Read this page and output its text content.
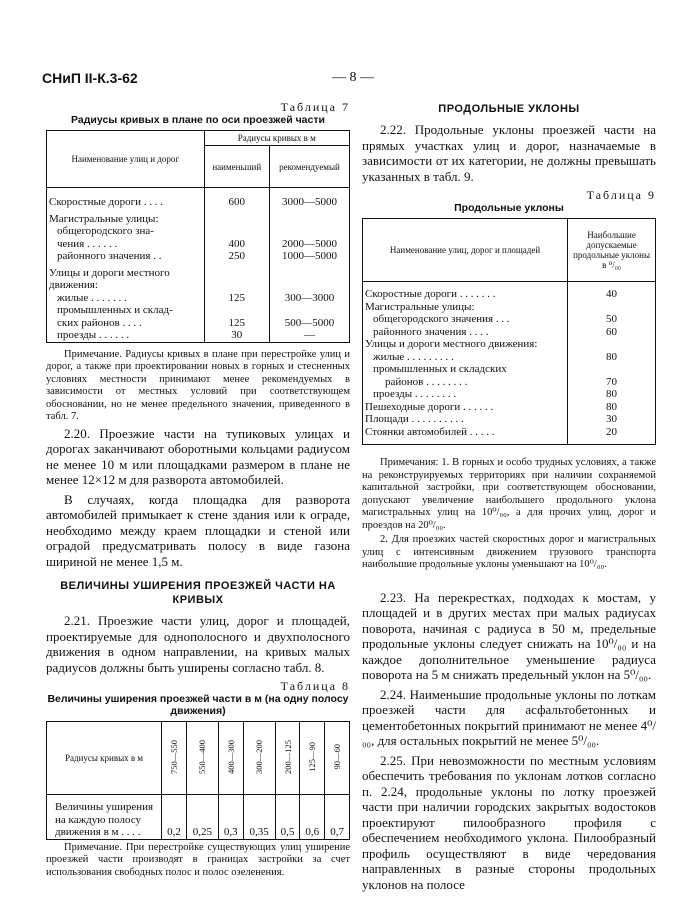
СНиП II-К.3-62	— 8 —
Таблица 7
Радиусы кривых в плане по оси проезжей части
Наименование улиц и дорог	Радиусы кривых в м	
	наименьший	рекомендуемый

Скоростные дороги . . . .	600	3000—5000

Магистральные улицы:		
общегородского зна-		
чения . . . . . .	400	2000—5000
районного значения . .	250	1000—5000

Улицы и дороги местного движения:		
жилые . . . . . . .	125	300—3000
промышленных и склад-		
ских районов . . . .	125	500—5000
проезды . . . . . .	30	—
Примечание. Радиусы кривых в плане при перестройке улиц и дорог, а также при проектировании новых в горных и стесненных условиях местности принимают менее рекомендуемых в зависимости от местных условий при соответствующем обосновании, но не менее предельного значения, приведенного в табл. 7.
2.20. Проезжие части на тупиковых улицах и дорогах заканчивают оборотными кольцами радиусом не менее 10 м или площадками размером в плане не менее 12×12 м для разворота автомобилей.
В случаях, когда площадка для разворота автомобилей примыкает к стене здания или к ограде, необходимо между краем площадки и стеной или оградой предусматривать полосу в виде газона шириной не менее 1,5 м.
ВЕЛИЧИНЫ УШИРЕНИЯ ПРОЕЗЖЕЙ ЧАСТИ НА КРИВЫХ
2.21. Проезжие части улиц, дорог и площадей, проектируемые для однополосного и двухполосного движения в одном направлении, на кривых малых радиусов должны быть уширены согласно табл. 8.
Таблица 8
Величины уширения проезжей части в м (на одну полосу движения)
Радиусы кривых в м	750—550	550—400	400—300	300—200	200—125	125—90	90—60
Величины уширения на каждую полосу движения в м . . . .	0,2	0,25	0,3	0,35	0,5	0,6	0,7
Примечание. При перестройке существующих улиц уширение проезжей части производят в границах застройки за счет использования свободных полос и полос озеленения.
ПРОДОЛЬНЫЕ УКЛОНЫ
2.22. Продольные уклоны проезжей части на прямых участках улиц и дорог, назначаемые в зависимости от их категории, не должны превышать указанных в табл. 9.
Таблица 9
Продольные уклоны
Наименование улиц, дорог и площадей	Наибольшие допускаемые продольные уклоны в ⁰/₀₀

Скоростные дороги . . . . . . .	40
Магистральные улицы:	
общегородского значения . . .	50
районного значения . . . .	60
Улицы и дороги местного движения:	
жилые . . . . . . . . .	80
промышленных и складских	
районов . . . . . . . .	70
проезды . . . . . . . .	80
Пешеходные дороги . . . . . .	80
Площади . . . . . . . . . .	30
Стоянки автомобилей . . . . .	20
Примечания: 1. В горных и особо трудных условиях, а также на реконструируемых территориях при наличии сохраняемой капитальной застройки, при соответствующем обосновании, допускают увеличение наибольшего продольного уклона магистральных улиц на 10⁰/₀₀, а для прочих улиц, дорог и проездов на 20⁰/₀₀.
2. Для проезжих частей скоростных дорог и магистральных улиц с интенсивным движением грузового транспорта наибольшие продольные уклоны уменьшают на 10⁰/₀₀.
2.23. На перекрестках, подходах к мостам, у площадей и в других местах при малых радиусах поворота, начиная с радиуса в 50 м, предельные продольные уклоны следует снижать на 10⁰/₀₀ и на каждое дополнительное уменьшение радиуса поворота на 5 м снижать предельный уклон на 5⁰/₀₀.
2.24. Наименьшие продольные уклоны по лоткам проезжей части для асфальтобетонных и цементобетонных покрытий принимают не менее 4⁰/₀₀, для остальных покрытий не менее 5⁰/₀₀.
2.25. При невозможности по местным условиям обеспечить требования по уклонам лотков согласно п. 2.24, продольные уклоны по лотку проезжей части при наличии городских закрытых водостоков проектируют пилообразного профиля с обеспечением необходимого уклона. Пилообразный профиль осуществляют в виде чередования направленных в разные стороны продольных уклонов на полосе
